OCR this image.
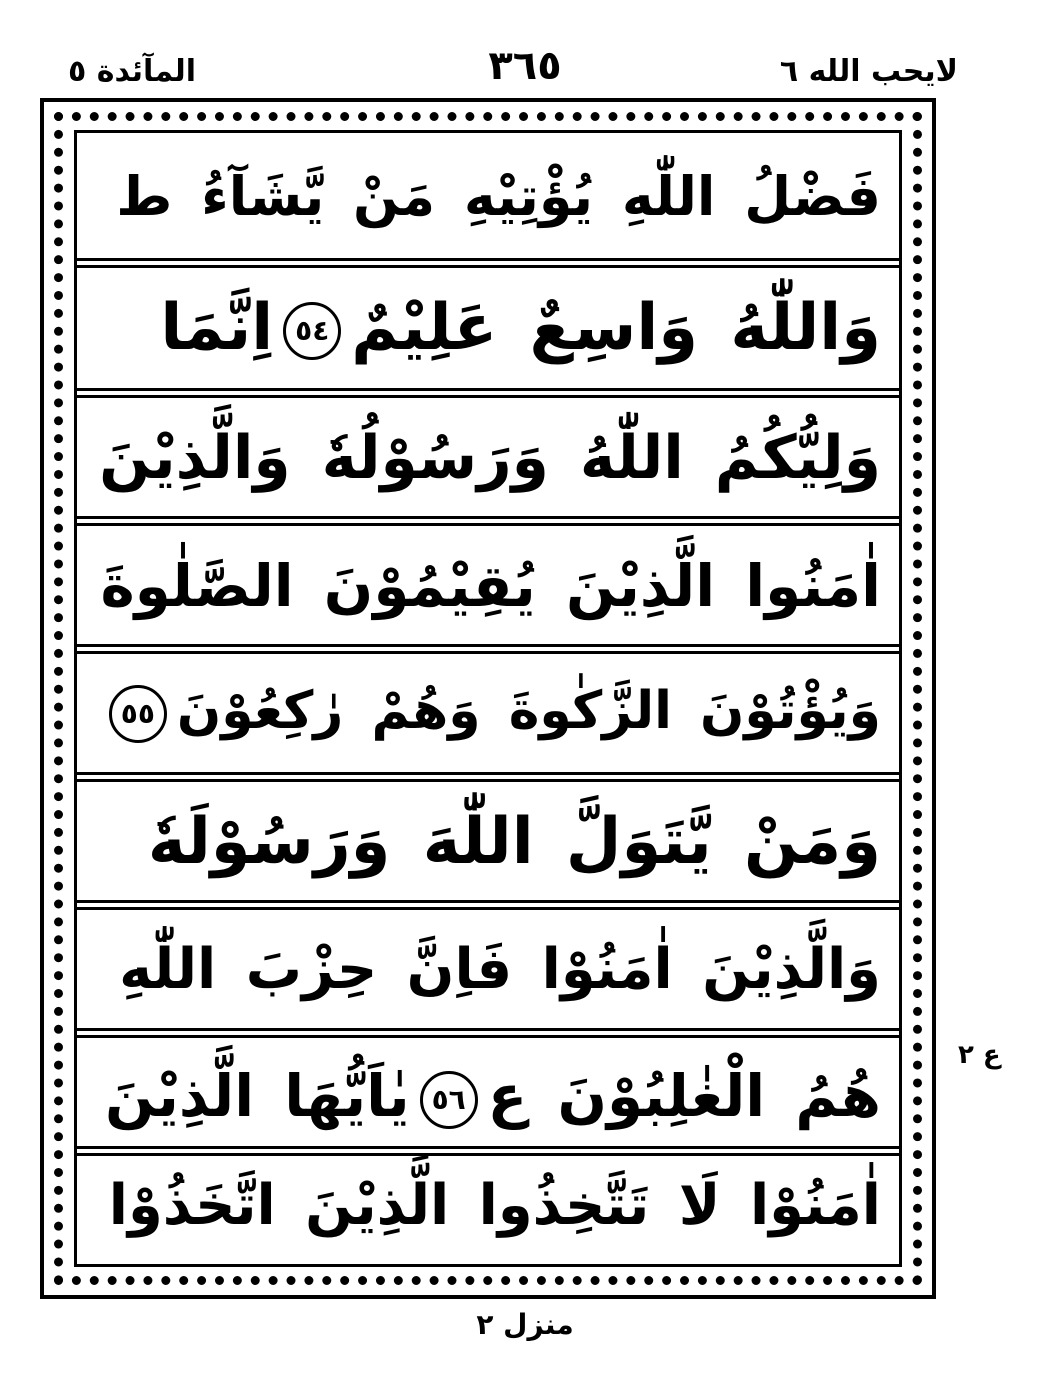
لايحب الله ٦
٣٦٥
المآئدة ٥
فَضْلُ اللّٰهِ يُؤْتِيْهِ مَنْ يَّشَآءُ ط
وَاللّٰهُ وَاسِعٌ عَلِيْمٌ٥٤اِنَّمَا
وَلِيُّكُمُ اللّٰهُ وَرَسُوْلُهٗ وَالَّذِيْنَ
اٰمَنُوا الَّذِيْنَ يُقِيْمُوْنَ الصَّلٰوةَ
وَيُؤْتُوْنَ الزَّكٰوةَ وَهُمْ رٰكِعُوْنَ٥٥
وَمَنْ يَّتَوَلَّ اللّٰهَ وَرَسُوْلَهٗ
وَالَّذِيْنَ اٰمَنُوْا فَاِنَّ حِزْبَ اللّٰهِ
هُمُ الْغٰلِبُوْنَ ع٥٦يٰاَيُّهَا الَّذِيْنَ
اٰمَنُوْا لَا تَتَّخِذُوا الَّذِيْنَ اتَّخَذُوْا
ع ٢
منزل ٢
